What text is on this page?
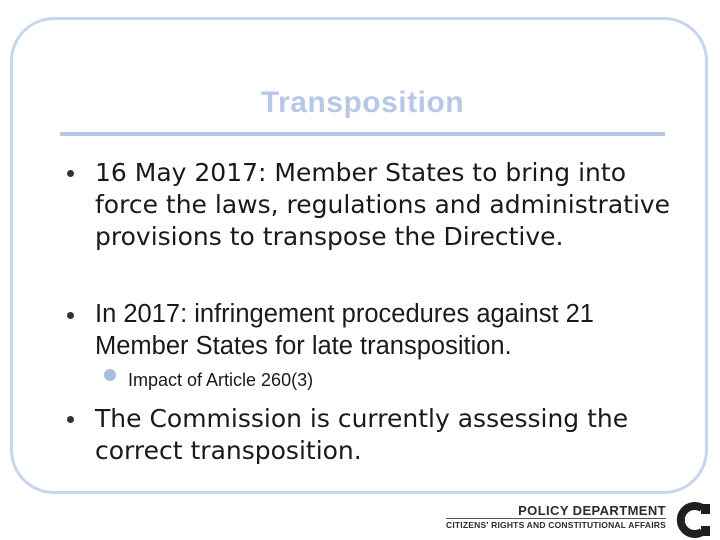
Transposition

16 May 2017: Member States to bring into force the laws, regulations and administrative provisions to transpose the Directive.

In 2017: infringement procedures against 21 Member States for late transposition.

Impact of Article 260(3)

The Commission is currently assessing the correct transposition.

POLICY DEPARTMENT
CITIZENS' RIGHTS AND CONSTITUTIONAL AFFAIRS
